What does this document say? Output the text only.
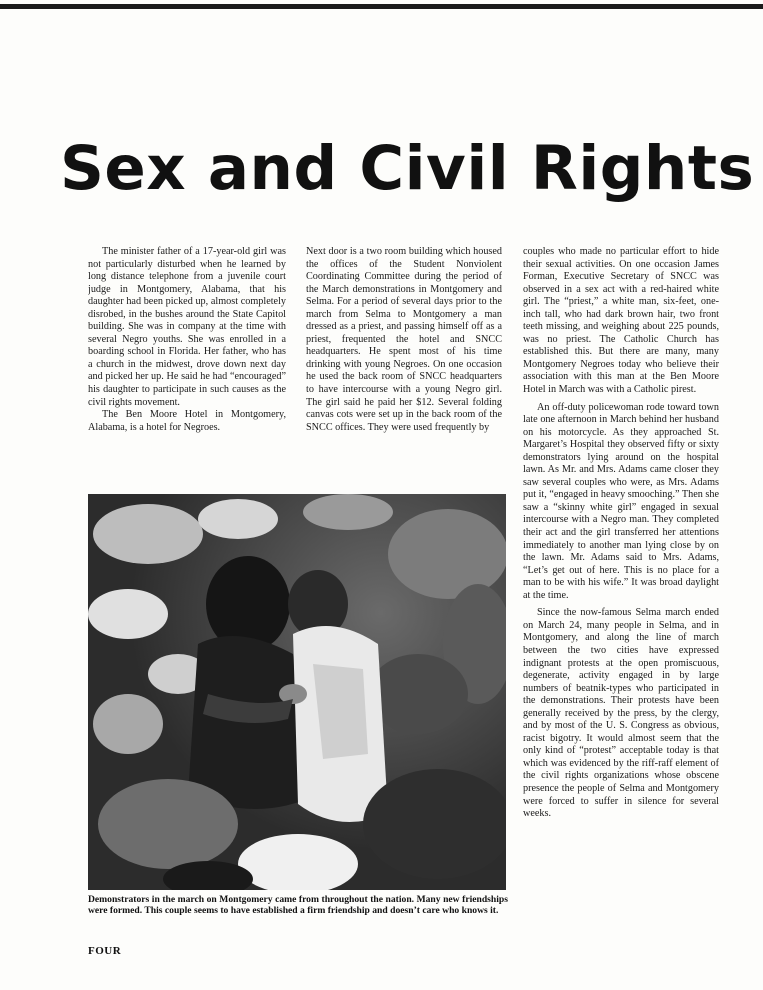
Sex and Civil Rights

The minister father of a 17-year-old girl was not particularly disturbed when he learned by long distance telephone from a juvenile court judge in Montgomery, Alabama, that his daughter had been picked up, almost completely disrobed, in the bushes around the State Capitol building. She was in company at the time with several Negro youths. She was enrolled in a boarding school in Florida. Her father, who has a church in the midwest, drove down next day and picked her up. He said he had “encouraged” his daughter to participate in such causes as the civil rights movement.

The Ben Moore Hotel in Montgomery, Alabama, is a hotel for Negroes.

Next door is a two room building which housed the offices of the Student Nonviolent Coordinating Committee during the period of the March demonstrations in Montgomery and Selma. For a period of several days prior to the march from Selma to Montgomery a man dressed as a priest, and passing himself off as a priest, frequented the hotel and SNCC headquarters. He spent most of his time drinking with young Negroes. On one occasion he used the back room of SNCC headquarters to have intercourse with a young Negro girl. The girl said he paid her $12. Several folding canvas cots were set up in the back room of the SNCC offices. They were used frequently by

couples who made no particular effort to hide their sexual activities. On one occasion James Forman, Executive Secretary of SNCC was observed in a sex act with a red-haired white girl. The “priest,” a white man, six-feet, one-inch tall, who had dark brown hair, two front teeth missing, and weighing about 225 pounds, was no priest. The Catholic Church has established this. But there are many, many Montgomery Negroes today who believe their association with this man at the Ben Moore Hotel in March was with a Catholic pirest.

An off-duty policewoman rode toward town late one afternoon in March behind her husband on his motorcycle. As they approached St. Margaret’s Hospital they observed fifty or sixty demonstrators lying around on the hospital lawn. As Mr. and Mrs. Adams came closer they saw several couples who were, as Mrs. Adams put it, “engaged in heavy smooching.” Then she saw a “skinny white girl” engaged in sexual intercourse with a Negro man. They completed their act and the girl transferred her attentions immediately to another man lying close by on the lawn. Mr. Adams said to Mrs. Adams, “Let’s get out of here. This is no place for a man to be with his wife.” It was broad daylight at the time.

Since the now-famous Selma march ended on March 24, many people in Selma, and in Montgomery, and along the line of march between the two cities have expressed indignant protests at the open promiscuous, degenerate, activity engaged in by large numbers of beatnik-types who participated in the demonstrations. Their protests have been generally received by the press, by the clergy, and by most of the U. S. Congress as obvious, racist bigotry. It would almost seem that the only kind of “protest” acceptable today is that which was evidenced by the riff-raff element of the civil rights organizations whose obscene presence the people of Selma and Montgomery were forced to suffer in silence for several weeks.

Demonstrators in the march on Montgomery came from throughout the nation. Many new friendships were formed. This couple seems to have established a firm friendship and doesn’t care who knows it.

FOUR
